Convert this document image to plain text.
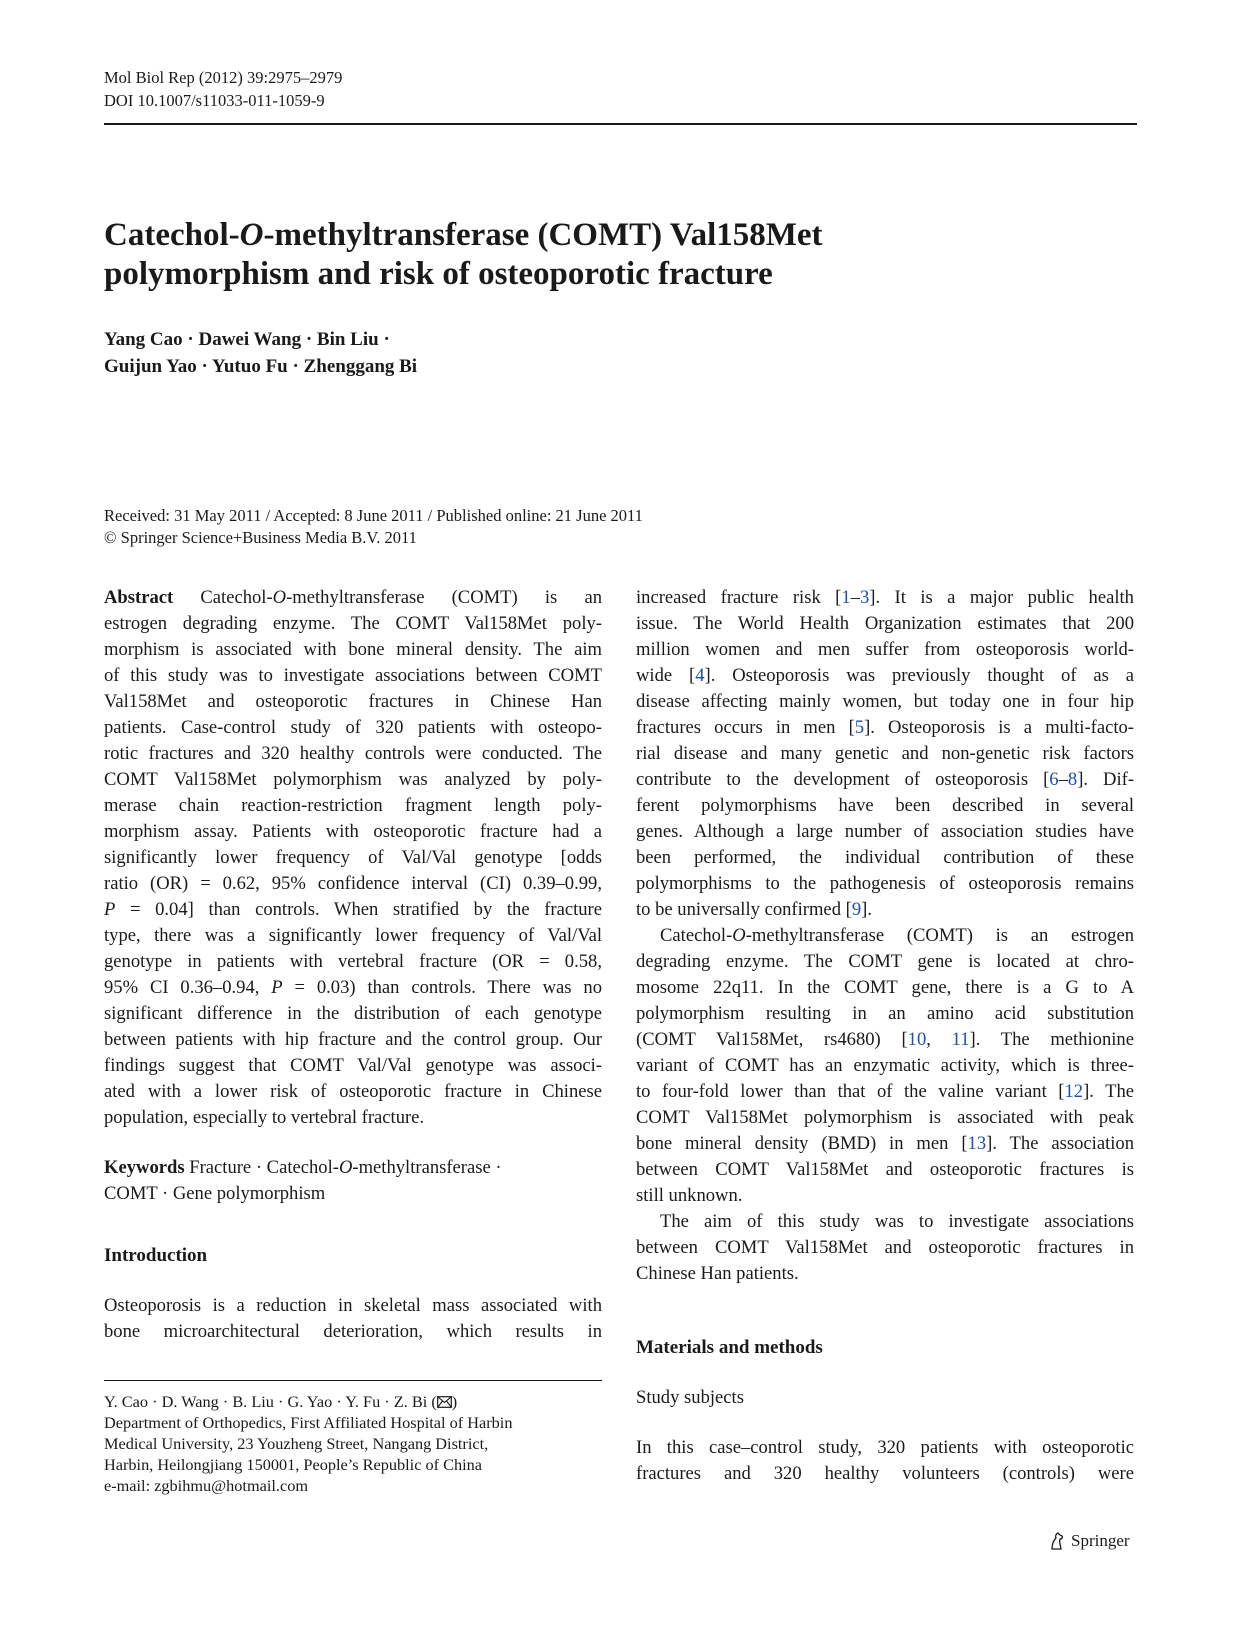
Mol Biol Rep (2012) 39:2975–2979
DOI 10.1007/s11033-011-1059-9
Catechol-O-methyltransferase (COMT) Val158Met
polymorphism and risk of osteoporotic fracture
Yang Cao · Dawei Wang · Bin Liu ·
Guijun Yao · Yutuo Fu · Zhenggang Bi
Received: 31 May 2011 / Accepted: 8 June 2011 / Published online: 21 June 2011
© Springer Science+Business Media B.V. 2011
Abstract Catechol-O-methyltransferase (COMT) is an
estrogen degrading enzyme. The COMT Val158Met poly-
morphism is associated with bone mineral density. The aim
of this study was to investigate associations between COMT
Val158Met and osteoporotic fractures in Chinese Han
patients. Case-control study of 320 patients with osteopo-
rotic fractures and 320 healthy controls were conducted. The
COMT Val158Met polymorphism was analyzed by poly-
merase chain reaction-restriction fragment length poly-
morphism assay. Patients with osteoporotic fracture had a
significantly lower frequency of Val/Val genotype [odds
ratio (OR) = 0.62, 95% confidence interval (CI) 0.39–0.99,
P = 0.04] than controls. When stratified by the fracture
type, there was a significantly lower frequency of Val/Val
genotype in patients with vertebral fracture (OR = 0.58,
95% CI 0.36–0.94, P = 0.03) than controls. There was no
significant difference in the distribution of each genotype
between patients with hip fracture and the control group. Our
findings suggest that COMT Val/Val genotype was associ-
ated with a lower risk of osteoporotic fracture in Chinese
population, especially to vertebral fracture.
Keywords Fracture · Catechol-O-methyltransferase ·
COMT · Gene polymorphism
Introduction
Osteoporosis is a reduction in skeletal mass associated with
bone microarchitectural deterioration, which results in
Y. Cao · D. Wang · B. Liu · G. Yao · Y. Fu · Z. Bi ( )
Department of Orthopedics, First Affiliated Hospital of Harbin
Medical University, 23 Youzheng Street, Nangang District,
Harbin, Heilongjiang 150001, People’s Republic of China
e-mail: zgbihmu@hotmail.com
increased fracture risk [1–3]. It is a major public health
issue. The World Health Organization estimates that 200
million women and men suffer from osteoporosis world-
wide [4]. Osteoporosis was previously thought of as a
disease affecting mainly women, but today one in four hip
fractures occurs in men [5]. Osteoporosis is a multi-facto-
rial disease and many genetic and non-genetic risk factors
contribute to the development of osteoporosis [6–8]. Dif-
ferent polymorphisms have been described in several
genes. Although a large number of association studies have
been performed, the individual contribution of these
polymorphisms to the pathogenesis of osteoporosis remains
to be universally confirmed [9].
Catechol-O-methyltransferase (COMT) is an estrogen
degrading enzyme. The COMT gene is located at chro-
mosome 22q11. In the COMT gene, there is a G to A
polymorphism resulting in an amino acid substitution
(COMT Val158Met, rs4680) [10, 11]. The methionine
variant of COMT has an enzymatic activity, which is three-
to four-fold lower than that of the valine variant [12]. The
COMT Val158Met polymorphism is associated with peak
bone mineral density (BMD) in men [13]. The association
between COMT Val158Met and osteoporotic fractures is
still unknown.
The aim of this study was to investigate associations
between COMT Val158Met and osteoporotic fractures in
Chinese Han patients.
Materials and methods
Study subjects
In this case–control study, 320 patients with osteoporotic
fractures and 320 healthy volunteers (controls) were
Springer
